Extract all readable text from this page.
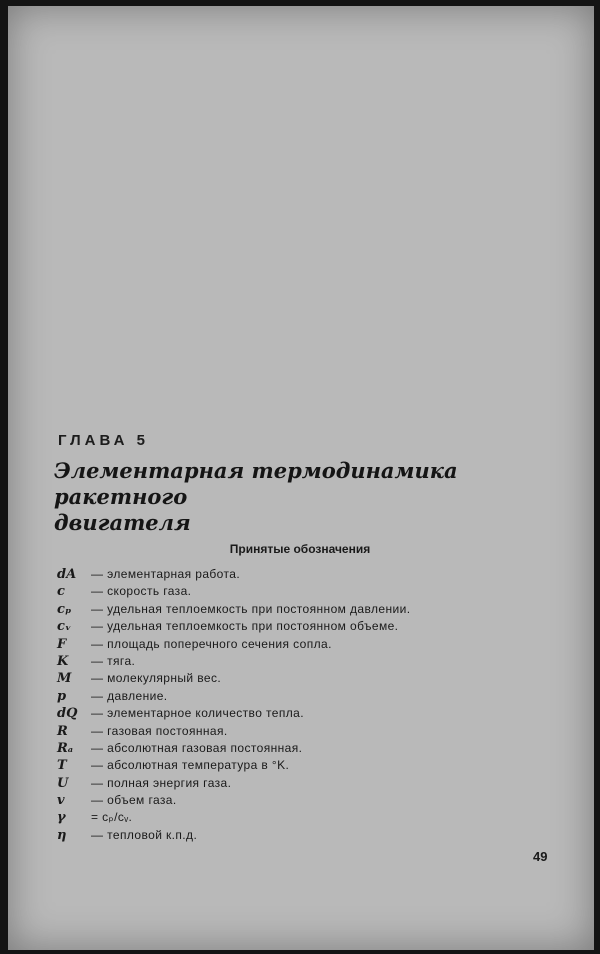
ГЛАВА 5
Элементарная термодинамика ракетного
двигателя
Принятые обозначения
dA — элементарная работа.
c — скорость газа.
cₚ — удельная теплоемкость при постоянном давлении.
cᵥ — удельная теплоемкость при постоянном объеме.
F — площадь поперечного сечения сопла.
K — тяга.
M — молекулярный вес.
p — давление.
dQ — элементарное количество тепла.
R — газовая постоянная.
Rₐ — абсолютная газовая постоянная.
T — абсолютная температура в °K.
U — полная энергия газа.
v — объем газа.
γ = cₚ/cᵥ.
η — тепловой к.п.д.
49
